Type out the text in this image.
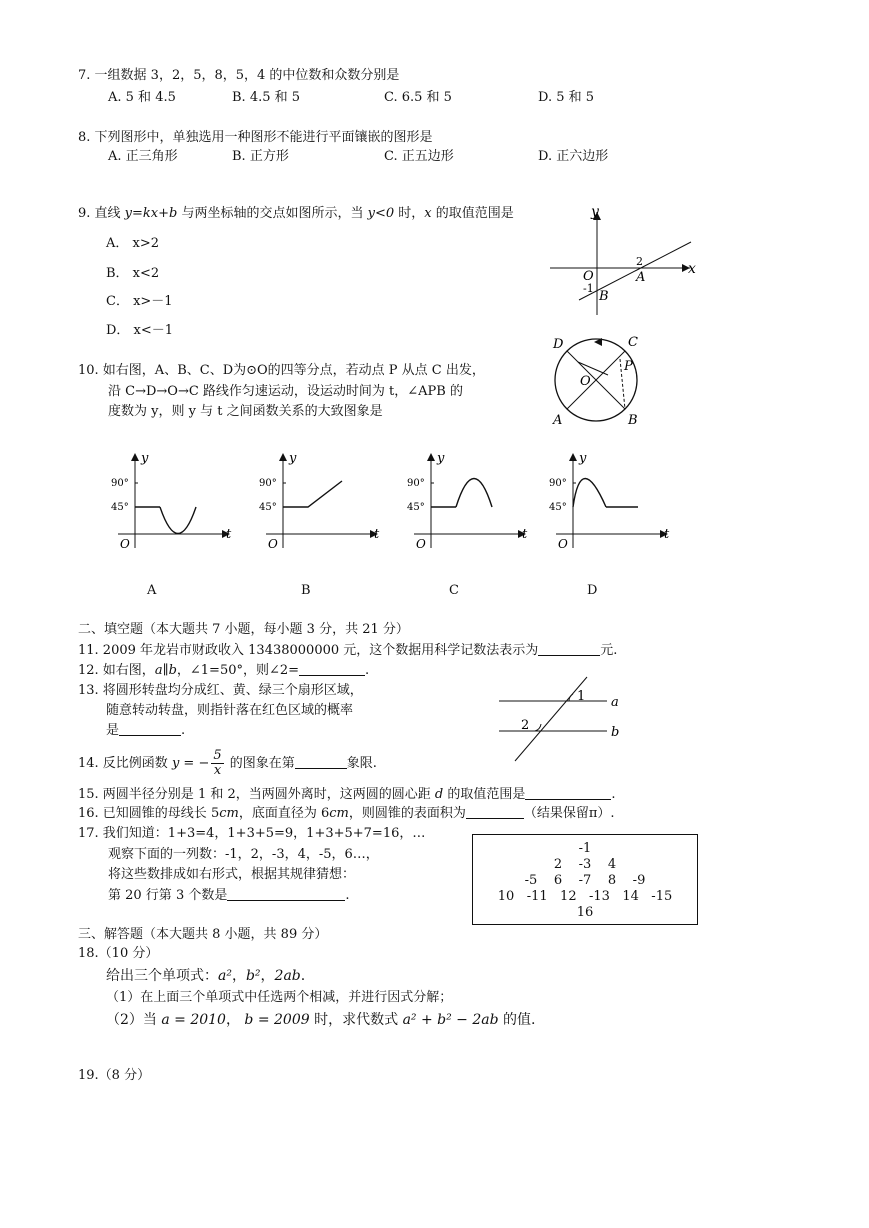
7. 一组数据 3，2，5，8，5，4 的中位数和众数分别是
A. 5 和 4.5	B. 4.5 和 5	C. 6.5 和 5	D. 5 和 5
8. 下列图形中，单独选用一种图形不能进行平面镶嵌的图形是
A. 正三角形	B. 正方形	C. 正五边形	D. 正六边形
9. 直线 y=kx+b 与两坐标轴的交点如图所示，当 y<0 时，x 的取值范围是
A． x>2
B． x<2
C． x>－1
D． x<－1
y
x
O	A
B
2
-1
10. 如右图，A、B、C、D为⊙O的四等分点，若动点 P 从点 C 出发，
沿 C→D→O→C 路线作匀速运动，设运动时间为 t，∠APB 的
度数为 y，则 y 与 t 之间函数关系的大致图象是
D	C
B
A
O
P
90°
45°
y
t
O
90°
45°
y
t
O
90°
45°
y
t
O
90°
45°
y
t
O
A	B	C	D
二、填空题（本大题共 7 小题，每小题 3 分，共 21 分）
11. 2009 年龙岩市财政收入 13438000000 元，这个数据用科学记数法表示为	元.
12. 如右图，a∥b，∠1=50°，则∠2=	.
13. 将圆形转盘均分成红、黄、绿三个扇形区域，
随意转动转盘，则指针落在红色区域的概率
是	.
1
2
a
b
14. 反比例函数 y = − $\frac{5}{x}$ 的图象在第	象限.
15. 两圆半径分别是 1 和 2，当两圆外离时，这两圆的圆心距 d 的取值范围是	.
16. 已知圆锥的母线长 5cm，底面直径为 6cm，则圆锥的表面积为	（结果保留π）.
17. 我们知道：1+3=4，1+3+5=9，1+3+5+7=16，…
观察下面的一列数：-1，2，-3，4，-5，6…，
将这些数排成如右形式，根据其规律猜想：
第 20 行第 3 个数是	.
-1
2 -3 4
-5 6 -7 8 -9
10 -11 12 -13 14 -15
16
三、解答题（本大题共 8 小题，共 89 分）
18.（10 分）
给出三个单项式：a²，b²，2ab.
（1）在上面三个单项式中任选两个相减，并进行因式分解；
（2）当 a = 2010， b = 2009 时，求代数式 a² + b² − 2ab 的值.
19.（8 分）
